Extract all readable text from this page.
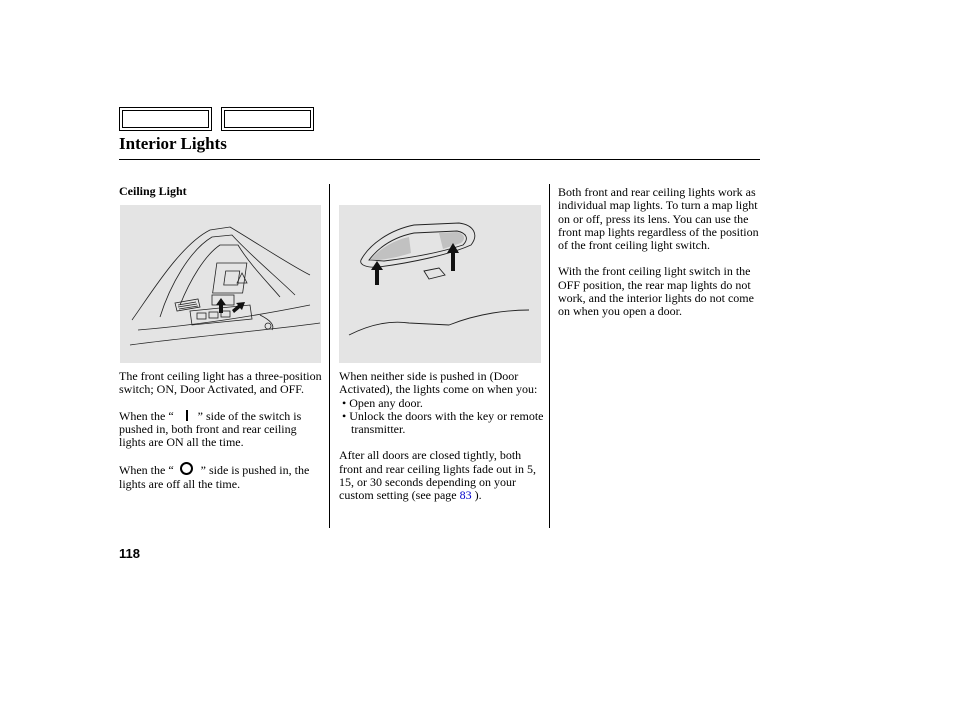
Interior Lights
Ceiling Light

The front ceiling light has a three-position switch; ON, Door Activated, and OFF.

When the “ ” side of the switch is pushed in, both front and rear ceiling lights are ON all the time.

When the “ ” side is pushed in, the lights are off all the time.

When neither side is pushed in (Door Activated), the lights come on when you:

• Open any door.

• Unlock the doors with the key or remote transmitter.

After all doors are closed tightly, both front and rear ceiling lights fade out in 5, 15, or 30 seconds depending on your custom setting (see page 83 ).

Both front and rear ceiling lights work as individual map lights. To turn a map light on or off, press its lens. You can use the front map lights regardless of the position of the front ceiling light switch.

With the front ceiling light switch in the OFF position, the rear map lights do not work, and the interior lights do not come on when you open a door.

118
